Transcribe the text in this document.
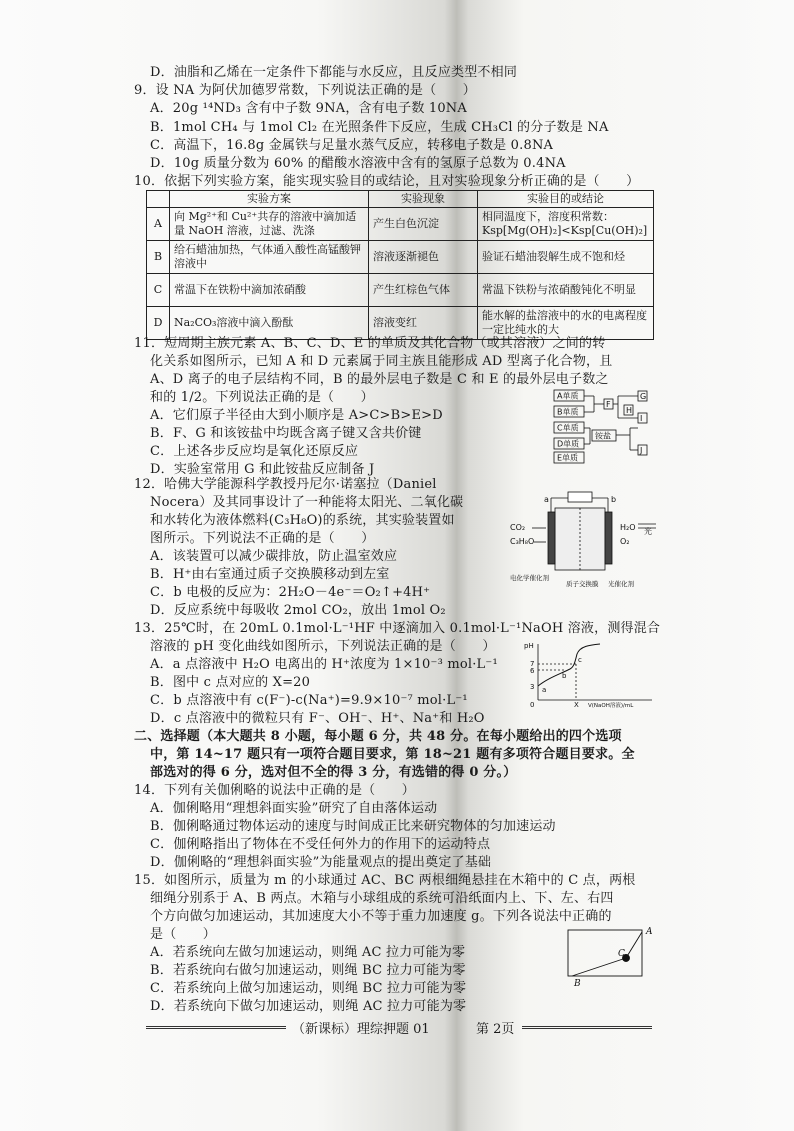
D．油脂和乙烯在一定条件下都能与水反应，且反应类型不相同
9．设 NA 为阿伏加德罗常数，下列说法正确的是（　　）
A．20g ¹⁴ND₃ 含有中子数 9NA，含有电子数 10NA
B．1mol CH₄ 与 1mol Cl₂ 在光照条件下反应，生成 CH₃Cl 的分子数是 NA
C．高温下，16.8g 金属铁与足量水蒸气反应，转移电子数是 0.8NA
D．10g 质量分数为 60% 的醋酸水溶液中含有的氢原子总数为 0.4NA
10．依据下列实验方案，能实现实验目的或结论，且对实验现象分析正确的是（　　）
	实验方案	实验现象	实验目的或结论
A	向 Mg²⁺和 Cu²⁺共存的溶液中滴加适量 NaOH 溶液，过滤、洗涤	产生白色沉淀	相同温度下，溶度积常数：Ksp[Mg(OH)₂]<Ksp[Cu(OH)₂]
B	给石蜡油加热，气体通入酸性高锰酸钾溶液中	溶液逐渐褪色	验证石蜡油裂解生成不饱和烃
C	常温下在铁粉中滴加浓硝酸	产生红棕色气体	常温下铁粉与浓硝酸钝化不明显
D	Na₂CO₃溶液中滴入酚酞	溶液变红	能水解的盐溶液中的水的电离程度一定比纯水的大
11．短周期主族元素 A、B、C、D、E 的单质及其化合物（或其溶液）之间的转
化关系如图所示，已知 A 和 D 元素属于同主族且能形成 AD 型离子化合物，且
A、D 离子的电子层结构不同，B 的最外层电子数是 C 和 E 的最外层电子数之
和的 1/2。下列说法正确的是（　　）
A．它们原子半径由大到小顺序是 A>C>B>E>D
B．F、G 和该铵盐中均既含离子键又含共价键
C．上述各步反应均是氧化还原反应
D．实验室常用 G 和此铵盐反应制备 J
A单质
B单质
C单质
D单质
E单质
铵盐
F
G
H
I
J
12．哈佛大学能源科学教授丹尼尔·诺塞拉（Daniel
Nocera）及其同事设计了一种能将太阳光、二氧化碳
和水转化为液体燃料(C₃H₈O)的系统，其实验装置如
图所示。下列说法不正确的是（　　）
A．该装置可以减少碳排放，防止温室效应
B．H⁺由右室通过质子交换膜移动到左室
C．b 电极的反应为：2H₂O－4e⁻＝O₂↑+4H⁺
D．反应系统中每吸收 2mol CO₂，放出 1mol O₂
a	b
CO₂
C₃H₈O
H₂O
O₂
光
电化学催化剂
质子交换膜 光催化剂
13．25℃时，在 20mL 0.1mol·L⁻¹HF 中逐滴加入 0.1mol·L⁻¹NaOH 溶液，测得混合
溶液的 pH 变化曲线如图所示，下列说法正确的是（　　）
A．a 点溶液中 H₂O 电离出的 H⁺浓度为 1×10⁻³ mol·L⁻¹
B．图中 c 点对应的 X=20
C．b 点溶液中有 c(F⁻)-c(Na⁺)=9.9×10⁻⁷ mol·L⁻¹
D．c 点溶液中的微粒只有 F⁻、OH⁻、H⁺、Na⁺和 H₂O
pH
7
6
3
0	X V(NaOH溶液)/mL
a
b
c
二、选择题（本大题共 8 小题，每小题 6 分，共 48 分。在每小题给出的四个选项
中，第 14~17 题只有一项符合题目要求，第 18~21 题有多项符合题目要求。全
部选对的得 6 分，选对但不全的得 3 分，有选错的得 0 分。）
14．下列有关伽俐略的说法中正确的是（　　）
A．伽俐略用“理想斜面实验”研究了自由落体运动
B．伽俐略通过物体运动的速度与时间成正比来研究物体的匀加速运动
C．伽俐略指出了物体在不受任何外力的作用下的运动特点
D．伽俐略的“理想斜面实验”为能量观点的提出奠定了基础
15．如图所示，质量为 m 的小球通过 AC、BC 两根细绳悬挂在木箱中的 C 点，两根
细绳分别系于 A、B 两点。木箱与小球组成的系统可沿纸面内上、下、左、右四
个方向做匀加速运动，其加速度大小不等于重力加速度 g。下列各说法中正确的
是（　　）
A．若系统向左做匀加速运动，则绳 AC 拉力可能为零
B．若系统向右做匀加速运动，则绳 BC 拉力可能为零
C．若系统向上做匀加速运动，则绳 BC 拉力可能为零
D．若系统向下做匀加速运动，则绳 AC 拉力可能为零
A
B
C
（新课标）理综押题 01	第 2页
